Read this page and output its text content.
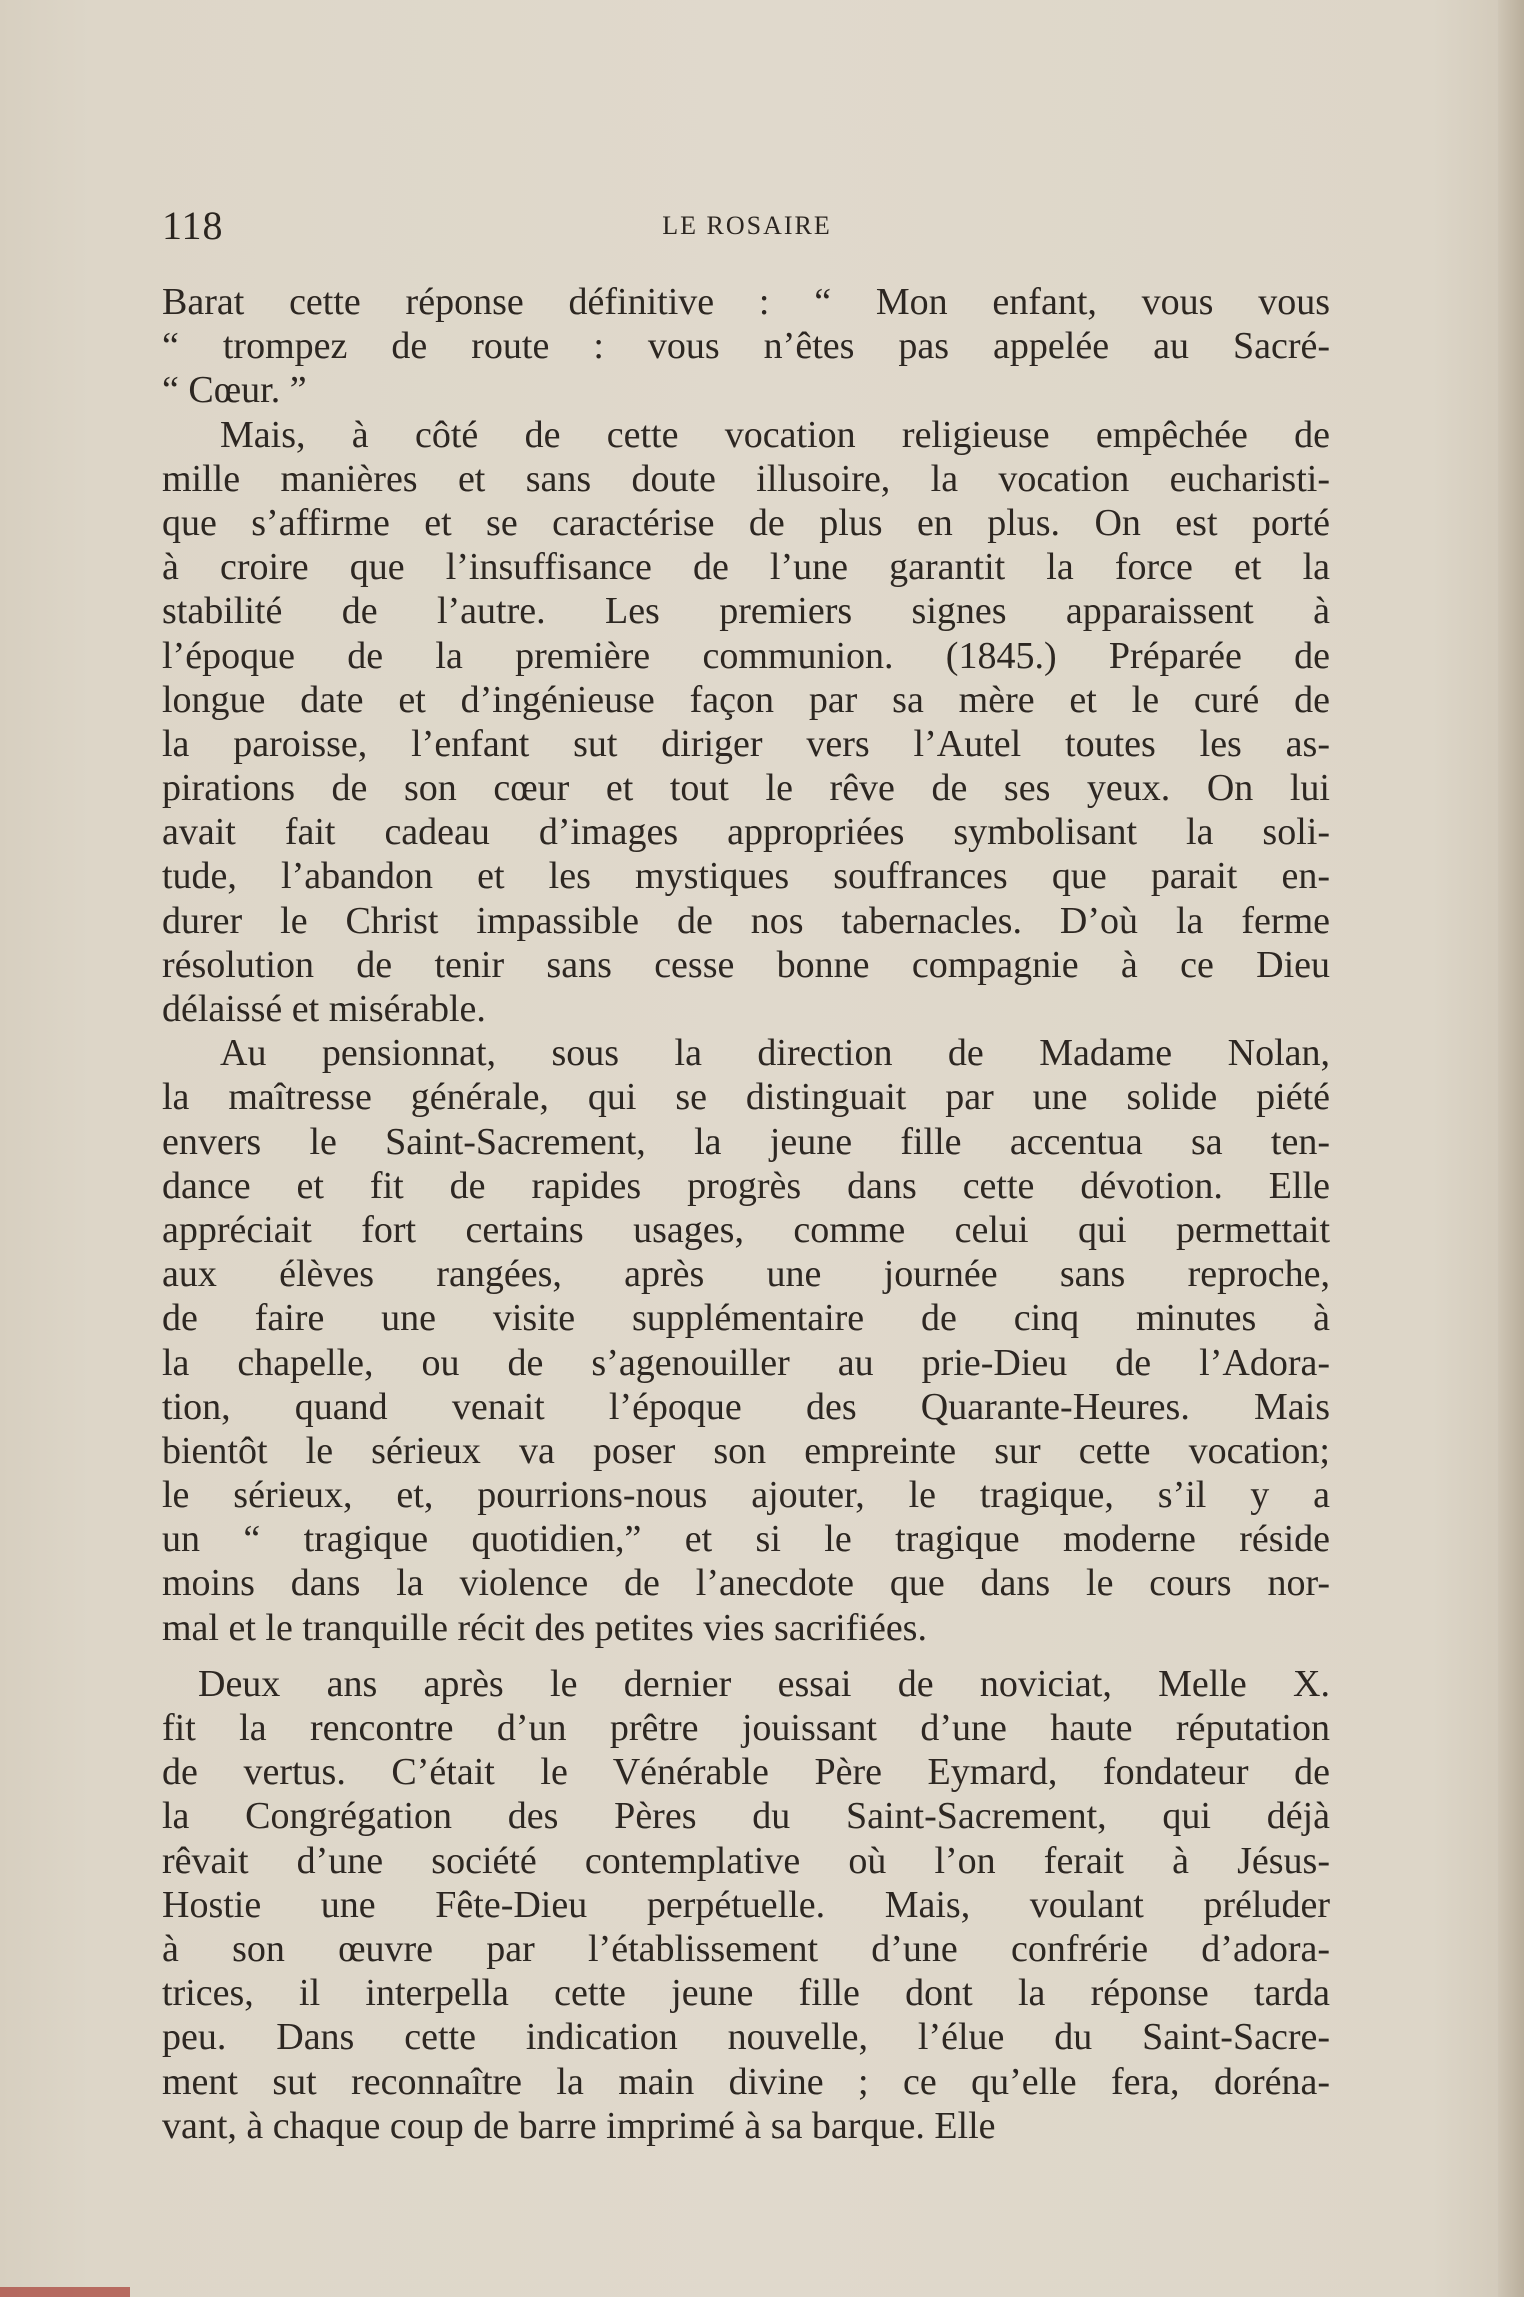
118	LE ROSAIRE
Barat cette réponse définitive : “ Mon enfant, vous vous
“ trompez de route : vous n’êtes pas appelée au Sacré-
“ Cœur. ”
Mais, à côté de cette vocation religieuse empêchée de
mille manières et sans doute illusoire, la vocation eucharisti-
que s’affirme et se caractérise de plus en plus. On est porté
à croire que l’insuffisance de l’une garantit la force et la
stabilité de l’autre. Les premiers signes apparaissent à
l’époque de la première communion. (1845.) Préparée de
longue date et d’ingénieuse façon par sa mère et le curé de
la paroisse, l’enfant sut diriger vers l’Autel toutes les as-
pirations de son cœur et tout le rêve de ses yeux. On lui
avait fait cadeau d’images appropriées symbolisant la soli-
tude, l’abandon et les mystiques souffrances que parait en-
durer le Christ impassible de nos tabernacles. D’où la ferme
résolution de tenir sans cesse bonne compagnie à ce Dieu
délaissé et misérable.
Au pensionnat, sous la direction de Madame Nolan,
la maîtresse générale, qui se distinguait par une solide piété
envers le Saint-Sacrement, la jeune fille accentua sa ten-
dance et fit de rapides progrès dans cette dévotion. Elle
appréciait fort certains usages, comme celui qui permettait
aux élèves rangées, après une journée sans reproche,
de faire une visite supplémentaire de cinq minutes à
la chapelle, ou de s’agenouiller au prie-Dieu de l’Adora-
tion, quand venait l’époque des Quarante-Heures. Mais
bientôt le sérieux va poser son empreinte sur cette vocation;
le sérieux, et, pourrions-nous ajouter, le tragique, s’il y a
un “ tragique quotidien,” et si le tragique moderne réside
moins dans la violence de l’anecdote que dans le cours nor-
mal et le tranquille récit des petites vies sacrifiées.
Deux ans après le dernier essai de noviciat, Melle X.
fit la rencontre d’un prêtre jouissant d’une haute réputation
de vertus. C’était le Vénérable Père Eymard, fondateur de
la Congrégation des Pères du Saint-Sacrement, qui déjà
rêvait d’une société contemplative où l’on ferait à Jésus-
Hostie une Fête-Dieu perpétuelle. Mais, voulant préluder
à son œuvre par l’établissement d’une confrérie d’adora-
trices, il interpella cette jeune fille dont la réponse tarda
peu. Dans cette indication nouvelle, l’élue du Saint-Sacre-
ment sut reconnaître la main divine ; ce qu’elle fera, doréna-
vant, à chaque coup de barre imprimé à sa barque. Elle
